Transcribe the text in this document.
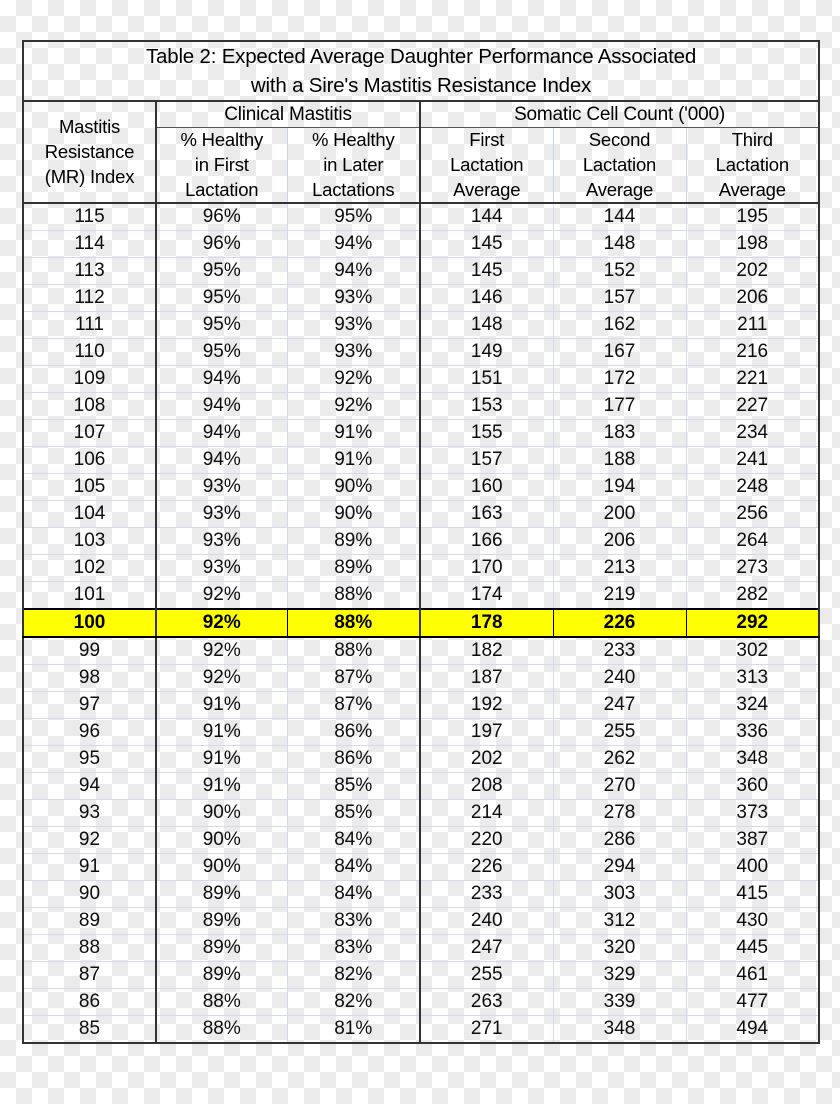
Table 2: Expected Average Daughter Performance Associated
with a Sire's Mastitis Resistance Index					

Mastitis Resistance (MR) Index	Clinical Mastitis		Somatic Cell Count ('000)		

	% Healthy
in First
Lactation	% Healthy
in Later
Lactations	First
Lactation
Average	Second
Lactation
Average	Third
Lactation
Average

115	96%	95%	144	144	195
114	96%	94%	145	148	198
113	95%	94%	145	152	202
112	95%	93%	146	157	206
111	95%	93%	148	162	211
110	95%	93%	149	167	216
109	94%	92%	151	172	221
108	94%	92%	153	177	227
107	94%	91%	155	183	234
106	94%	91%	157	188	241
105	93%	90%	160	194	248
104	93%	90%	163	200	256
103	93%	89%	166	206	264
102	93%	89%	170	213	273
101	92%	88%	174	219	282
100	92%	88%	178	226	292
99	92%	88%	182	233	302
98	92%	87%	187	240	313
97	91%	87%	192	247	324
96	91%	86%	197	255	336
95	91%	86%	202	262	348
94	91%	85%	208	270	360
93	90%	85%	214	278	373
92	90%	84%	220	286	387
91	90%	84%	226	294	400
90	89%	84%	233	303	415
89	89%	83%	240	312	430
88	89%	83%	247	320	445
87	89%	82%	255	329	461
86	88%	82%	263	339	477
85	88%	81%	271	348	494
